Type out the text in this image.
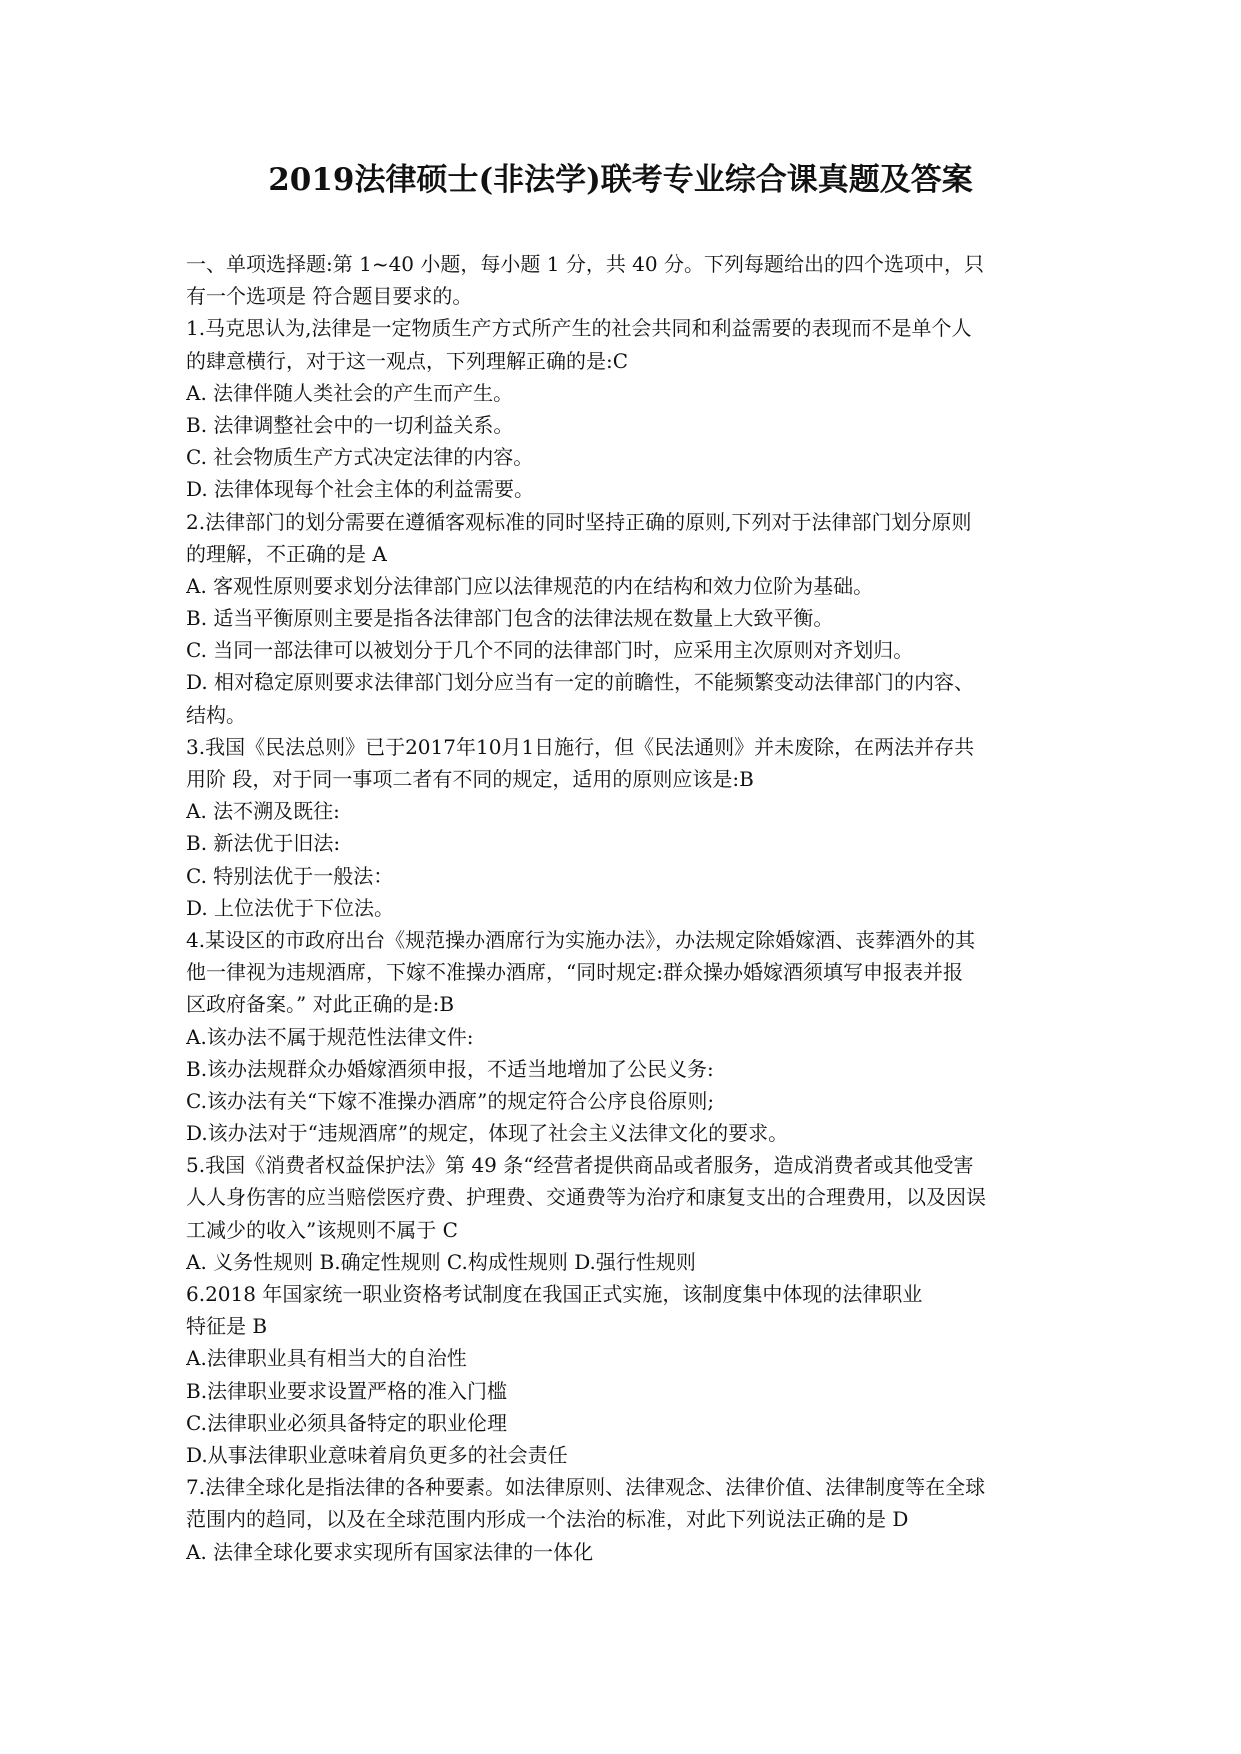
2019法律硕士(非法学)联考专业综合课真题及答案
一、单项选择题:第 1~40 小题，每小题 1 分，共 40 分。下列每题给出的四个选项中，只
有一个选项是 符合题目要求的。
1.马克思认为,法律是一定物质生产方式所产生的社会共同和利益需要的表现而不是单个人
的肆意横行，对于这一观点，下列理解正确的是:C
A. 法律伴随人类社会的产生而产生。
B. 法律调整社会中的一切利益关系。
C. 社会物质生产方式决定法律的内容。
D. 法律体现每个社会主体的利益需要。
2.法律部门的划分需要在遵循客观标准的同时坚持正确的原则,下列对于法律部门划分原则
的理解，不正确的是 A
A. 客观性原则要求划分法律部门应以法律规范的内在结构和效力位阶为基础。
B. 适当平衡原则主要是指各法律部门包含的法律法规在数量上大致平衡。
C. 当同一部法律可以被划分于几个不同的法律部门时，应采用主次原则对齐划归。
D. 相对稳定原则要求法律部门划分应当有一定的前瞻性，不能频繁变动法律部门的内容、
结构。
3.我国《民法总则》已于2017年10月1日施行，但《民法通则》并未废除，在两法并存共
用阶 段，对于同一事项二者有不同的规定，适用的原则应该是:B
A. 法不溯及既往:
B. 新法优于旧法:
C. 特别法优于一般法：
D. 上位法优于下位法。
4.某设区的市政府出台《规范操办酒席行为实施办法》，办法规定除婚嫁酒、丧葬酒外的其
他一律视为违规酒席，下嫁不准操办酒席，“同时规定:群众操办婚嫁酒须填写申报表并报
区政府备案。” 对此正确的是:B
A.该办法不属于规范性法律文件:
B.该办法规群众办婚嫁酒须申报，不适当地增加了公民义务:
C.该办法有关“下嫁不准操办酒席”的规定符合公序良俗原则;
D.该办法对于“违规酒席”的规定，体现了社会主义法律文化的要求。
5.我国《消费者权益保护法》第 49 条“经营者提供商品或者服务，造成消费者或其他受害
人人身伤害的应当赔偿医疗费、护理费、交通费等为治疗和康复支出的合理费用，以及因误
工减少的收入”该规则不属于 C
A. 义务性规则 B.确定性规则 C.构成性规则 D.强行性规则
6.2018 年国家统一职业资格考试制度在我国正式实施，该制度集中体现的法律职业
特征是 B
A.法律职业具有相当大的自治性
B.法律职业要求设置严格的准入门槛
C.法律职业必须具备特定的职业伦理
D.从事法律职业意味着肩负更多的社会责任
7.法律全球化是指法律的各种要素。如法律原则、法律观念、法律价值、法律制度等在全球
范围内的趋同，以及在全球范围内形成一个法治的标准，对此下列说法正确的是 D
A. 法律全球化要求实现所有国家法律的一体化
